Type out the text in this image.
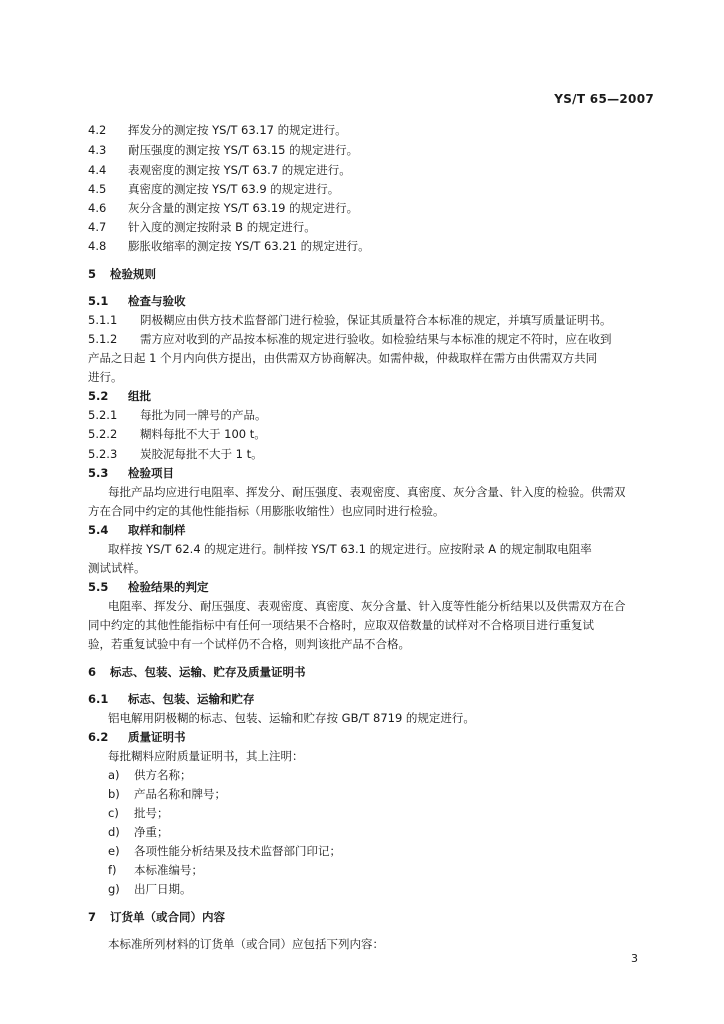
YS/T 65—2007
4.2 挥发分的测定按 YS/T 63.17 的规定进行。
4.3 耐压强度的测定按 YS/T 63.15 的规定进行。
4.4 表观密度的测定按 YS/T 63.7 的规定进行。
4.5 真密度的测定按 YS/T 63.9 的规定进行。
4.6 灰分含量的测定按 YS/T 63.19 的规定进行。
4.7 针入度的测定按附录 B 的规定进行。
4.8 膨胀收缩率的测定按 YS/T 63.21 的规定进行。
5 检验规则
5.1 检查与验收
5.1.1 阴极糊应由供方技术监督部门进行检验，保证其质量符合本标准的规定，并填写质量证明书。
5.1.2 需方应对收到的产品按本标准的规定进行验收。如检验结果与本标准的规定不符时，应在收到
产品之日起 1 个月内向供方提出，由供需双方协商解决。如需仲裁，仲裁取样在需方由供需双方共同
进行。
5.2 组批
5.2.1 每批为同一牌号的产品。
5.2.2 糊料每批不大于 100 t。
5.2.3 炭胶泥每批不大于 1 t。
5.3 检验项目
每批产品均应进行电阻率、挥发分、耐压强度、表观密度、真密度、灰分含量、针入度的检验。供需双
方在合同中约定的其他性能指标（用膨胀收缩性）也应同时进行检验。
5.4 取样和制样
取样按 YS/T 62.4 的规定进行。制样按 YS/T 63.1 的规定进行。应按附录 A 的规定制取电阻率
测试试样。
5.5 检验结果的判定
电阻率、挥发分、耐压强度、表观密度、真密度、灰分含量、针入度等性能分析结果以及供需双方在合
同中约定的其他性能指标中有任何一项结果不合格时，应取双倍数量的试样对不合格项目进行重复试
验，若重复试验中有一个试样仍不合格，则判该批产品不合格。
6 标志、包装、运输、贮存及质量证明书
6.1 标志、包装、运输和贮存
铝电解用阴极糊的标志、包装、运输和贮存按 GB/T 8719 的规定进行。
6.2 质量证明书
每批糊料应附质量证明书，其上注明：
a) 供方名称；
b) 产品名称和牌号；
c) 批号；
d) 净重；
e) 各项性能分析结果及技术监督部门印记；
f) 本标准编号；
g) 出厂日期。
7 订货单（或合同）内容
本标准所列材料的订货单（或合同）应包括下列内容：
3
